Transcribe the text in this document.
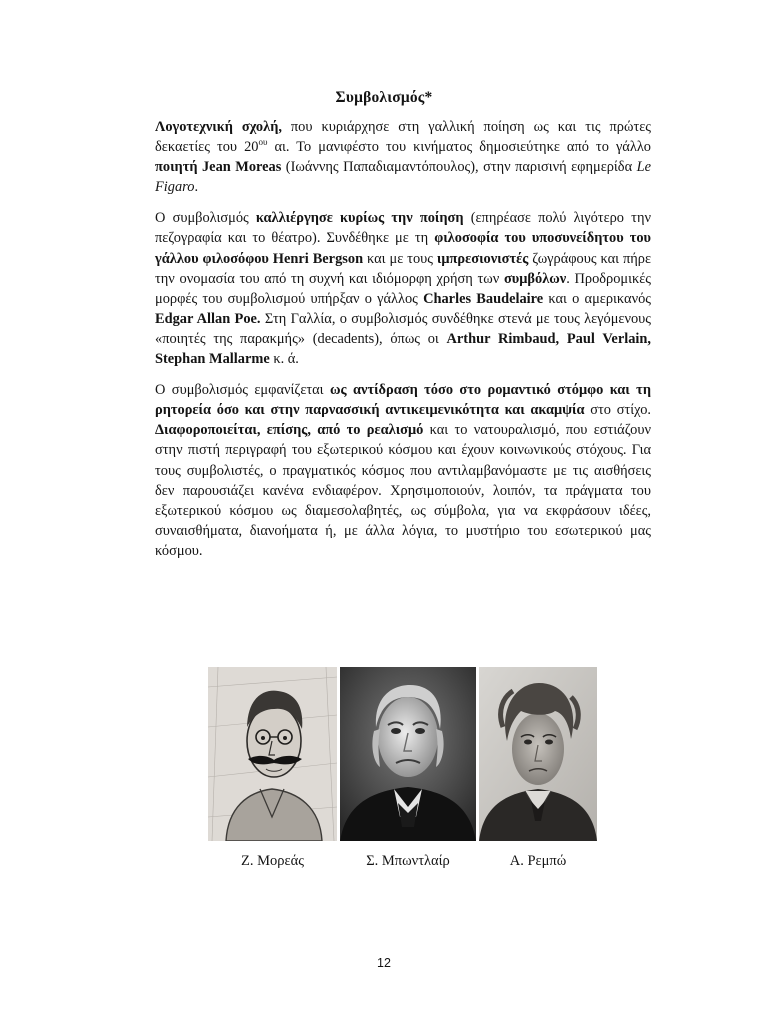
Συμβολισμός*

Λογοτεχνική σχολή, που κυριάρχησε στη γαλλική ποίηση ως και τις πρώτες δεκαετίες του $20^{o\upsilon}$ αι. Το μανιφέστο του κινήματος δημοσιεύτηκε από το γάλλο ποιητή Jean Moreas (Ιωάννης Παπαδιαμαντόπουλος), στην παρισινή εφημερίδα Le Figaro.

Ο συμβολισμός καλλιέργησε κυρίως την ποίηση (επηρέασε πολύ λιγότερο την πεζογραφία και το θέατρο). Συνδέθηκε με τη φιλοσοφία του υποσυνείδητου του γάλλου φιλοσόφου Henri Bergson και με τους ιμπρεσιονιστές ζωγράφους και πήρε την ονομασία του από τη συχνή και ιδιόμορφη χρήση των συμβόλων. Προδρομικές μορφές του συμβολισμού υπήρξαν ο γάλλος Charles Baudelaire και ο αμερικανός Edgar Allan Poe. Στη Γαλλία, ο συμβολισμός συνδέθηκε στενά με τους λεγόμενους «ποιητές της παρακμής» (decadents), όπως οι Arthur Rimbaud, Paul Verlain, Stephan Mallarme κ. ά.

Ο συμβολισμός εμφανίζεται ως αντίδραση τόσο στο ρομαντικό στόμφο και τη ρητορεία όσο και στην παρνασσική αντικειμενικότητα και ακαμψία στο στίχο. Διαφοροποιείται, επίσης, από το ρεαλισμό και το νατουραλισμό, που εστιάζουν στην πιστή περιγραφή του εξωτερικού κόσμου και έχουν κοινωνικούς στόχους. Για τους συμβολιστές, ο πραγματικός κόσμος που αντιλαμβανόμαστε με τις αισθήσεις δεν παρουσιάζει κανένα ενδιαφέρον. Χρησιμοποιούν, λοιπόν, τα πράγματα του εξωτερικού κόσμου ως διαμεσολαβητές, ως σύμβολα, για να εκφράσουν ιδέες, συναισθήματα, διανοήματα ή, με άλλα λόγια, το μυστήριο του εσωτερικού μας κόσμου.

Ζ. Μορεάς	Σ. Μπωντλαίρ	Α. Ρεμπώ
12
